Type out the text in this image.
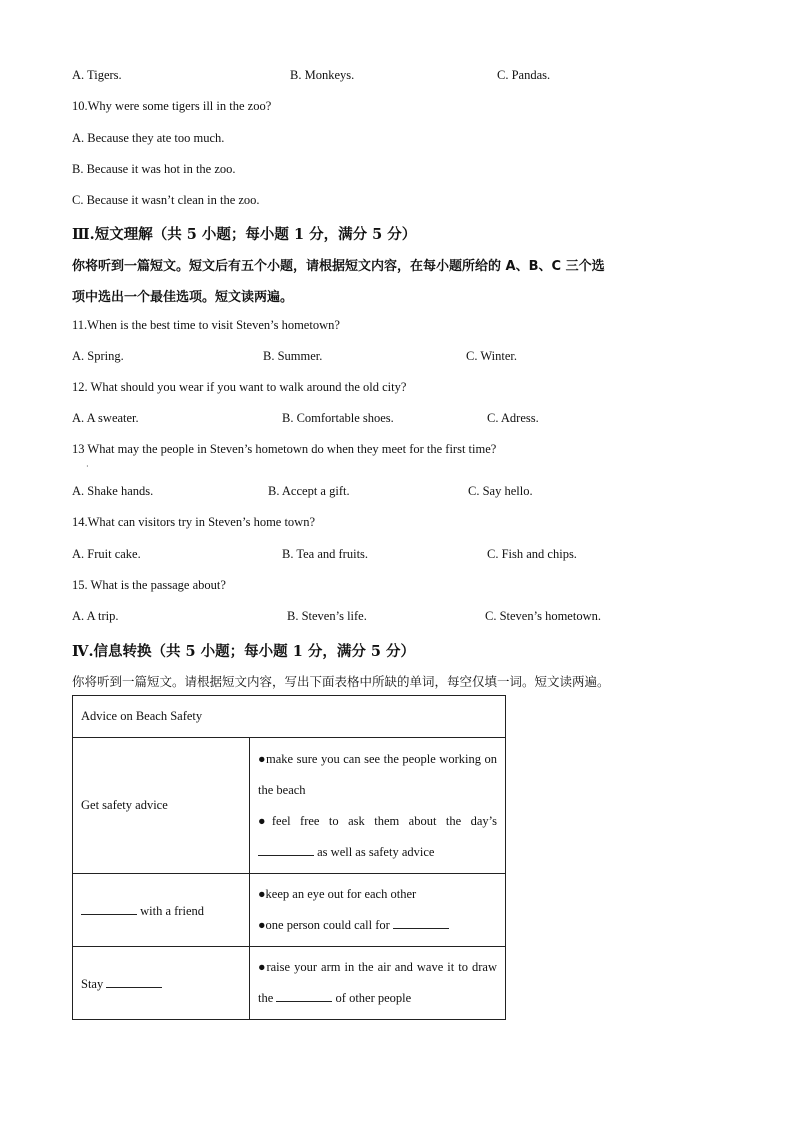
A. Tigers.	B. Monkeys.	C. Pandas.
10.Why were some tigers ill in the zoo?
A. Because they ate too much.
B. Because it was hot in the zoo.
C. Because it wasn’t clean in the zoo.
Ⅲ.短文理解（共 5 小题；每小题 1 分，满分 5 分）
你将听到一篇短文。短文后有五个小题，请根据短文内容，在每小题所给的 A、B、C 三个选
项中选出一个最佳选项。短文读两遍。
11.When is the best time to visit Steven’s hometown?
A. Spring.	B. Summer.	C. Winter.
12. What should you wear if you want to walk around the old city?
A. A sweater.	B. Comfortable shoes.	C. Adress.
13 What may the people in Steven’s hometown do when they meet for the first time?
·
A. Shake hands.	B. Accept a gift.	C. Say hello.
14.What can visitors try in Steven’s home town?
A. Fruit cake.	B. Tea and fruits.	C. Fish and chips.
15. What is the passage about?
A. A trip.	B. Steven’s life.	C. Steven’s hometown.
Ⅳ.信息转换（共 5 小题；每小题 1 分，满分 5 分）
你将听到一篇短文。请根据短文内容，写出下面表格中所缺的单词，每空仅填一词。短文读两遍。
Advice on Beach Safety	
Get safety advice	●make sure you can see the people working on the beach
●feel free to ask them about the day’s  as well as safety advice

with a friend	●keep an eye out for each other
●one person could call for

Stay	●raise your arm in the air and wave it to draw the of other people
